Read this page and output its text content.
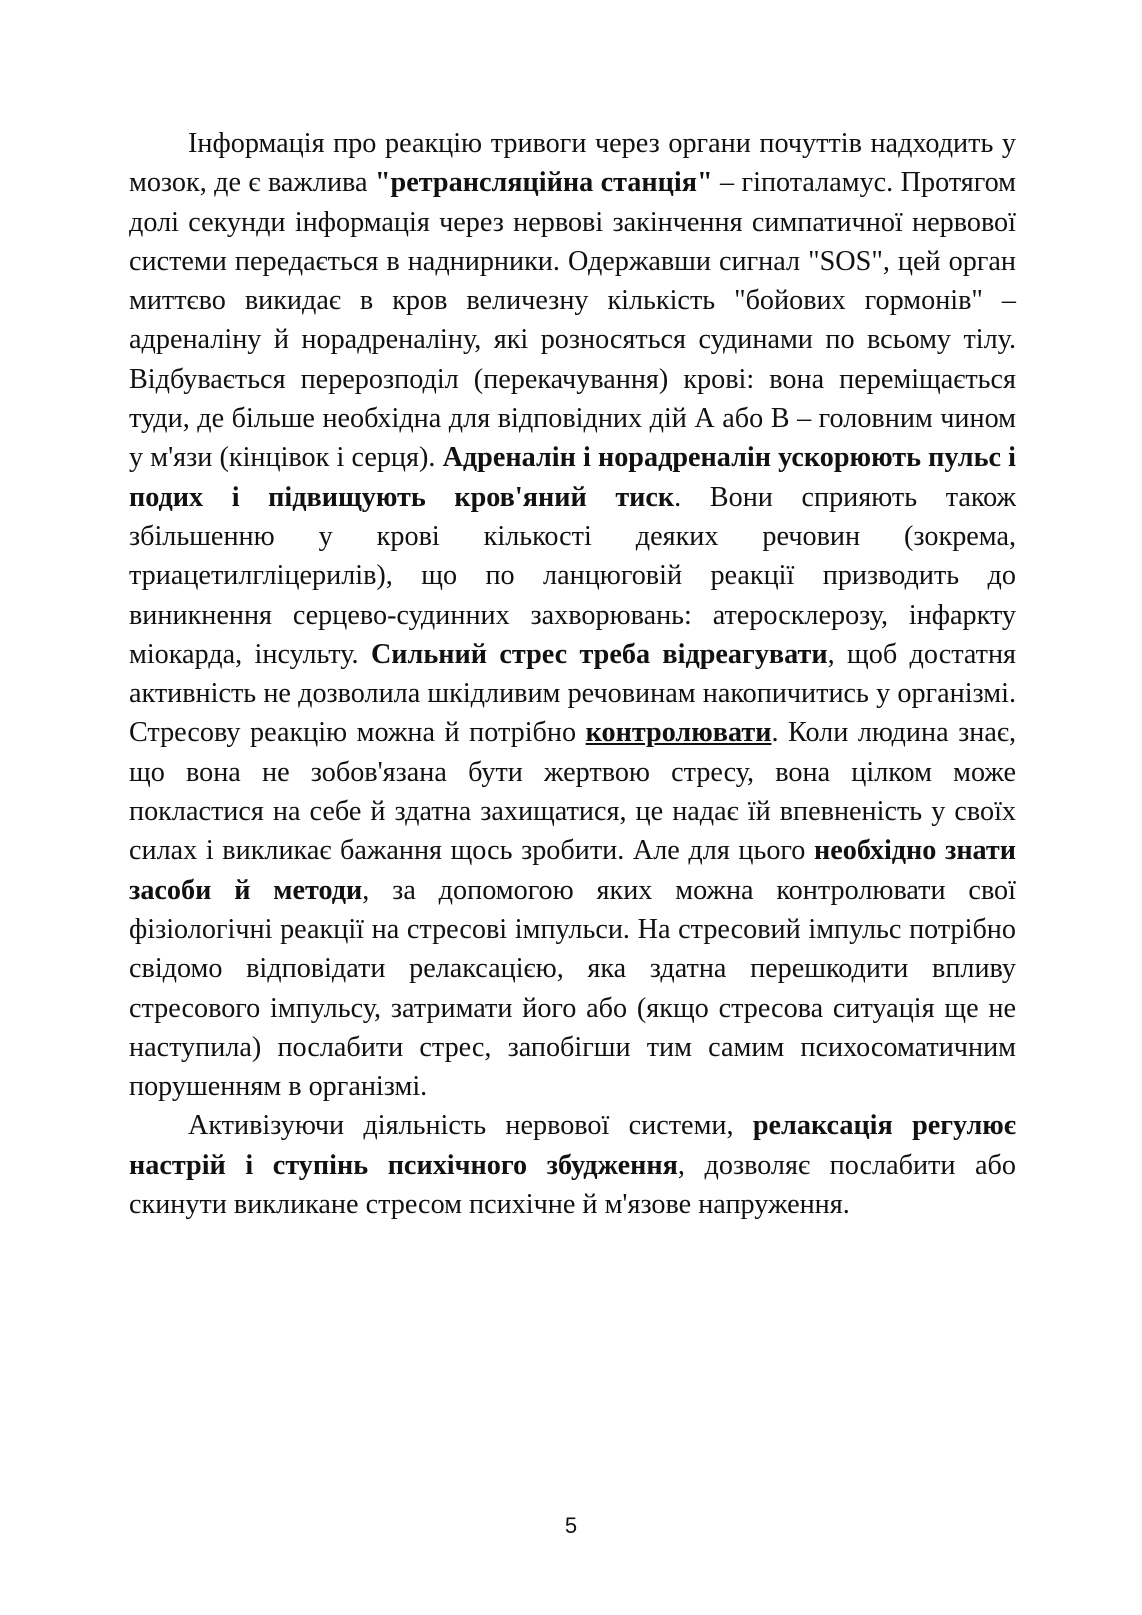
Інформація про реакцію тривоги через органи почуттів надходить у мозок, де є важлива "ретрансляційна станція" – гіпоталамус. Протягом долі секунди інформація через нервові закінчення симпатичної нервової системи передається в наднирники. Одержавши сигнал "SOS", цей орган миттєво викидає в кров величезну кількість "бойових гормонів" – адреналіну й норадреналіну, які розносяться судинами по всьому тілу. Відбувається перерозподіл (перекачування) крові: вона переміщається туди, де більше необхідна для відповідних дій А або В – головним чином у м'язи (кінцівок і серця). Адреналін і норадреналін ускорюють пульс і подих і підвищують кров'яний тиск. Вони сприяють також збільшенню у крові кількості деяких речовин (зокрема, триацетилгліцерилів), що по ланцюговій реакції призводить до виникнення серцево-судинних захворювань: атеросклерозу, інфаркту міокарда, інсульту. Сильний стрес треба відреагувати, щоб достатня активність не дозволила шкідливим речовинам накопичитись у організмі. Стресову реакцію можна й потрібно контролювати. Коли людина знає, що вона не зобов'язана бути жертвою стресу, вона цілком може покластися на себе й здатна захищатися, це надає їй впевненість у своїх силах і викликає бажання щось зробити. Але для цього необхідно знати засоби й методи, за допомогою яких можна контролювати свої фізіологічні реакції на стресові імпульси. На стресовий імпульс потрібно свідомо відповідати релаксацією, яка здатна перешкодити впливу стресового імпульсу, затримати його або (якщо стресова ситуація ще не наступила) послабити стрес, запобігши тим самим психосоматичним порушенням в організмі.

Активізуючи діяльність нервової системи, релаксація регулює настрій і ступінь психічного збудження, дозволяє послабити або скинути викликане стресом психічне й м'язове напруження.

5
